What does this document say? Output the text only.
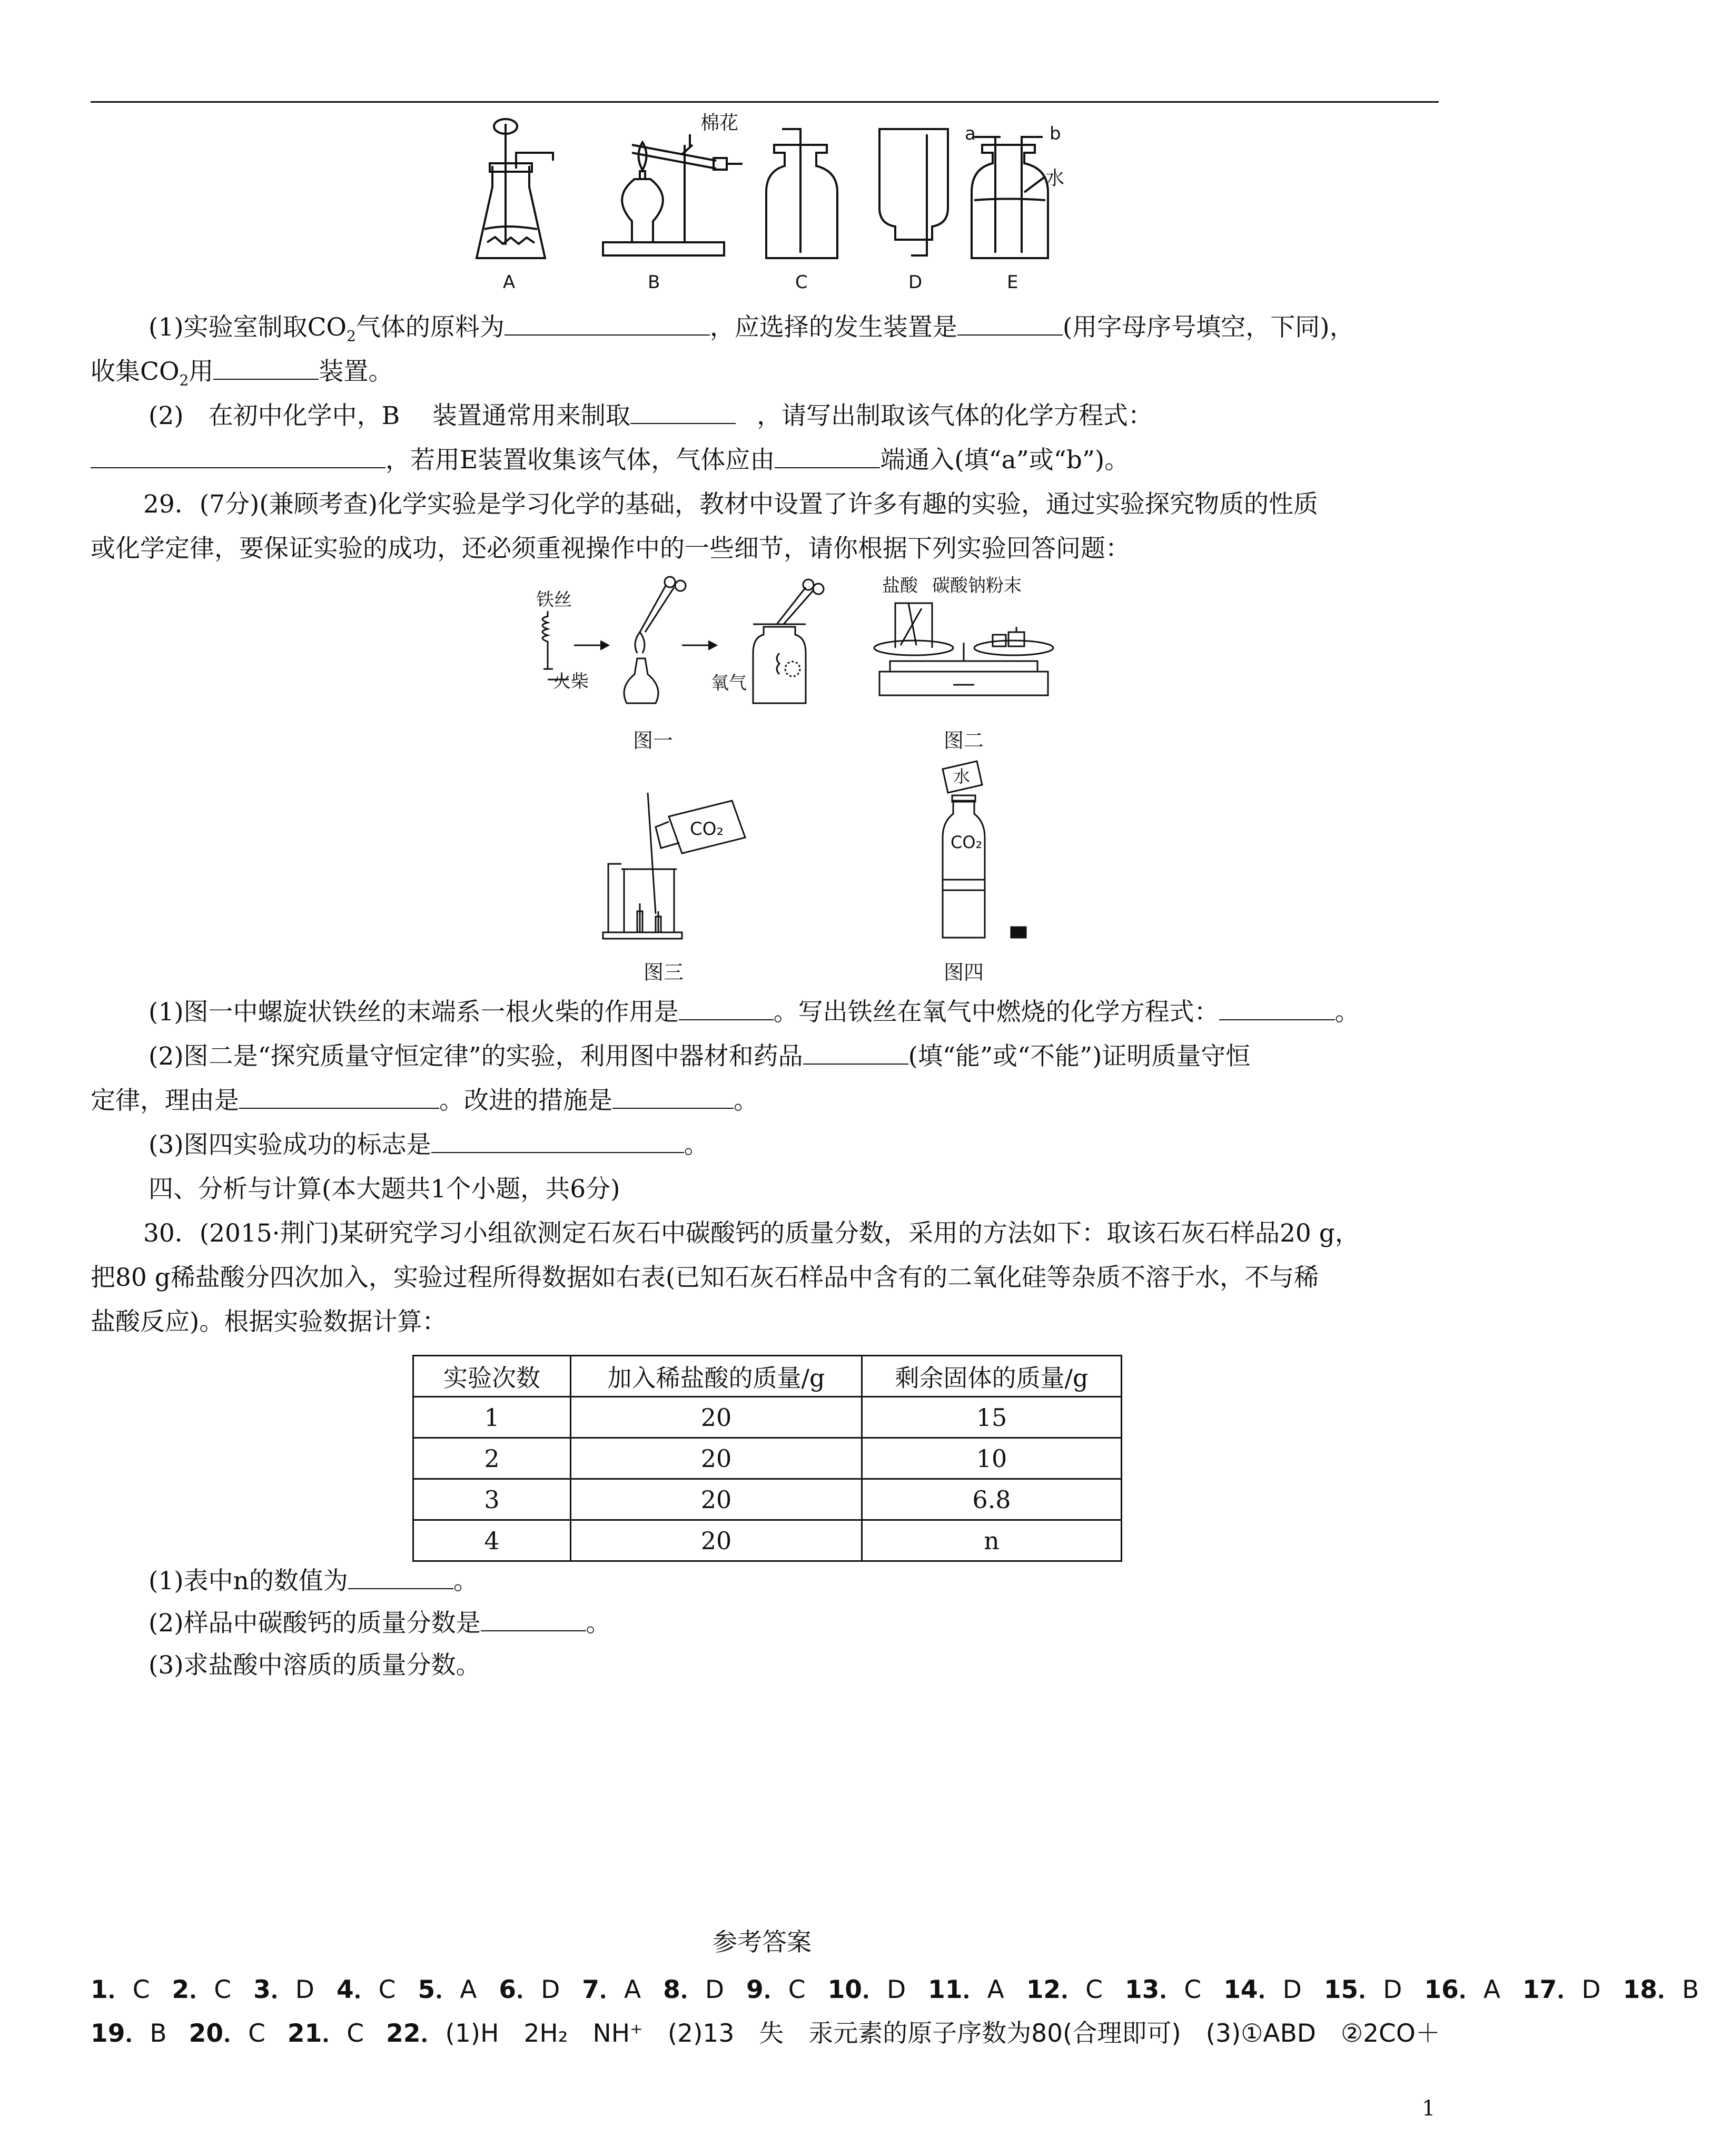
A	B	C	D	E
棉花
水
a	b
(1)实验室制取$CO_2$气体的原料为	，应选择的发生装置是	(用字母序号填空，下同)，
收集$CO_2$用	装置。
(2)　在初中化学中，B　 装置通常用来制取	，请写出制取该气体的化学方程式：
，若用E装置收集该气体，气体应由	端通入(填“a”或“b”)。
29．(7分)(兼顾考查)化学实验是学习化学的基础，教材中设置了许多有趣的实验，通过实验探究物质的性质
或化学定律，要保证实验的成功，还必须重视操作中的一些细节，请你根据下列实验回答问题：
铁丝
火柴	氧气
图一
盐酸 碳酸钠粉末
图二
CO₂
图三
水
CO₂
图四
(1)图一中螺旋状铁丝的末端系一根火柴的作用是	。写出铁丝在氧气中燃烧的化学方程式：	。
(2)图二是“探究质量守恒定律”的实验，利用图中器材和药品	(填“能”或“不能”)证明质量守恒
定律，理由是	。改进的措施是	。
(3)图四实验成功的标志是	。
四、分析与计算(本大题共1个小题，共6分)
30．(2015·荆门)某研究学习小组欲测定石灰石中碳酸钙的质量分数，采用的方法如下：取该石灰石样品20 g，
把80 g稀盐酸分四次加入，实验过程所得数据如右表(已知石灰石样品中含有的二氧化硅等杂质不溶于水，不与稀
盐酸反应)。根据实验数据计算：
实验次数	加入稀盐酸的质量/g	剩余固体的质量/g
1	20	15
2	20	10
3	20	6.8
4	20	n
(1)表中n的数值为	。
(2)样品中碳酸钙的质量分数是	。
(3)求盐酸中溶质的质量分数。
参考答案
1．C 2．C 3．D 4．C 5．A 6．D 7．A 8．D 9．C 10．D 11．A 12．C 13．C 14．D 15．D 16．A 17．D 18．B
19．B 20．C 21．C 22．(1)H　2H₂　NH⁺　(2)13　失　汞元素的原子序数为80(合理即可)　(3)①ABD　②2CO＋
1
